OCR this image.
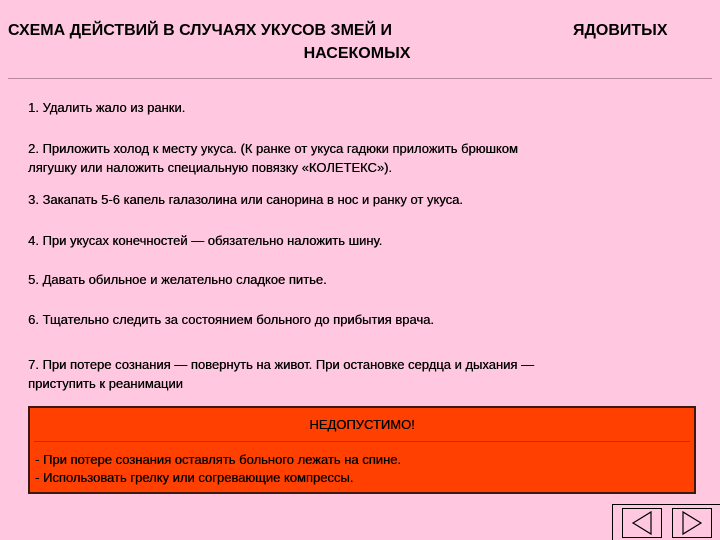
СХЕМА ДЕЙСТВИЙ В СЛУЧАЯХ УКУСОВ ЗМЕЙ И	ЯДОВИТЫХ
НАСЕКОМЫХ
1. Удалить жало из ранки.
2. Приложить холод к месту укуса. (К ранке от укуса гадюки приложить брюшком
лягушку или наложить специальную повязку «КОЛЕТЕКС»).
3. Закапать 5-6 капель галазолина или санорина в нос и ранку от укуса.
4. При укусах конечностей — обязательно наложить шину.
5. Давать обильное и желательно сладкое питье.
6. Тщательно следить за состоянием больного до прибытия врача.
7. При потере сознания — повернуть на живот. При остановке сердца и дыхания —
приступить к реанимации
НЕДОПУСТИМО!
- При потере сознания оставлять больного лежать на спине.
- Использовать грелку или согревающие компрессы.
